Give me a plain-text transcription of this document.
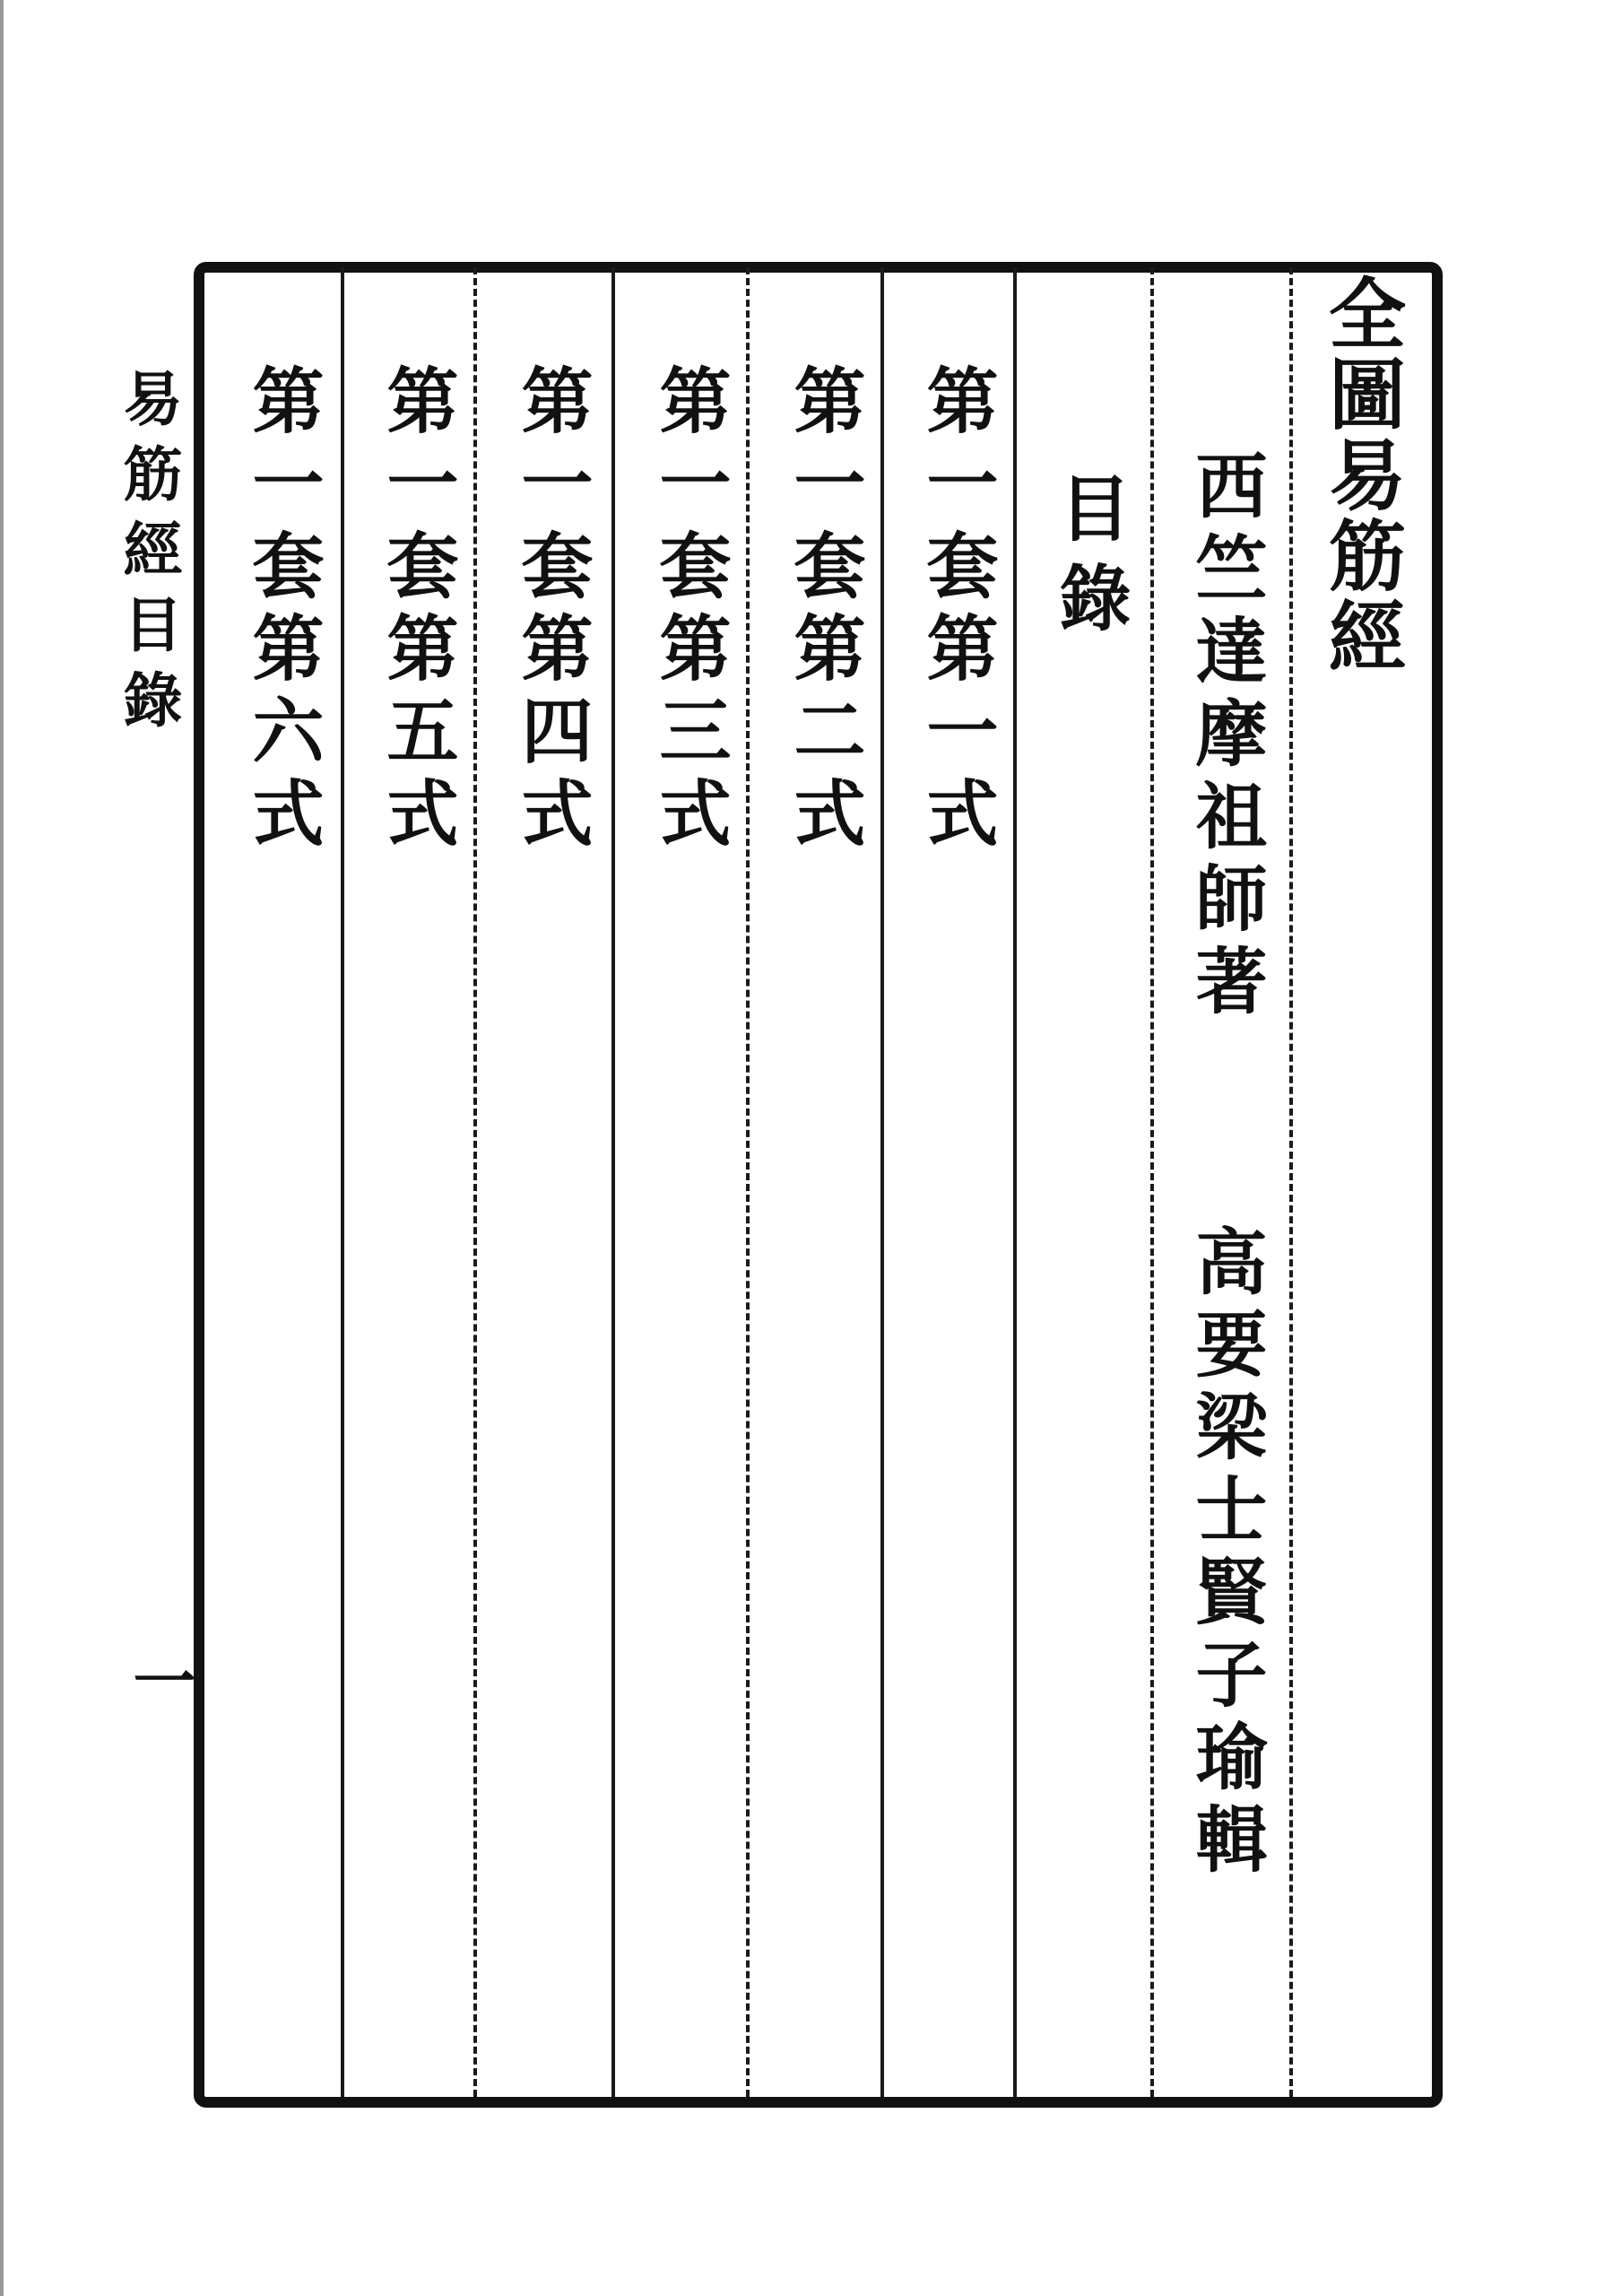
全圖易筋經
西竺達摩祖師著
高要梁士賢子瑜輯
目錄
第一套第一式
第一套第二式
第一套第三式
第一套第四式
第一套第五式
第一套第六式
易筋經目錄
一
